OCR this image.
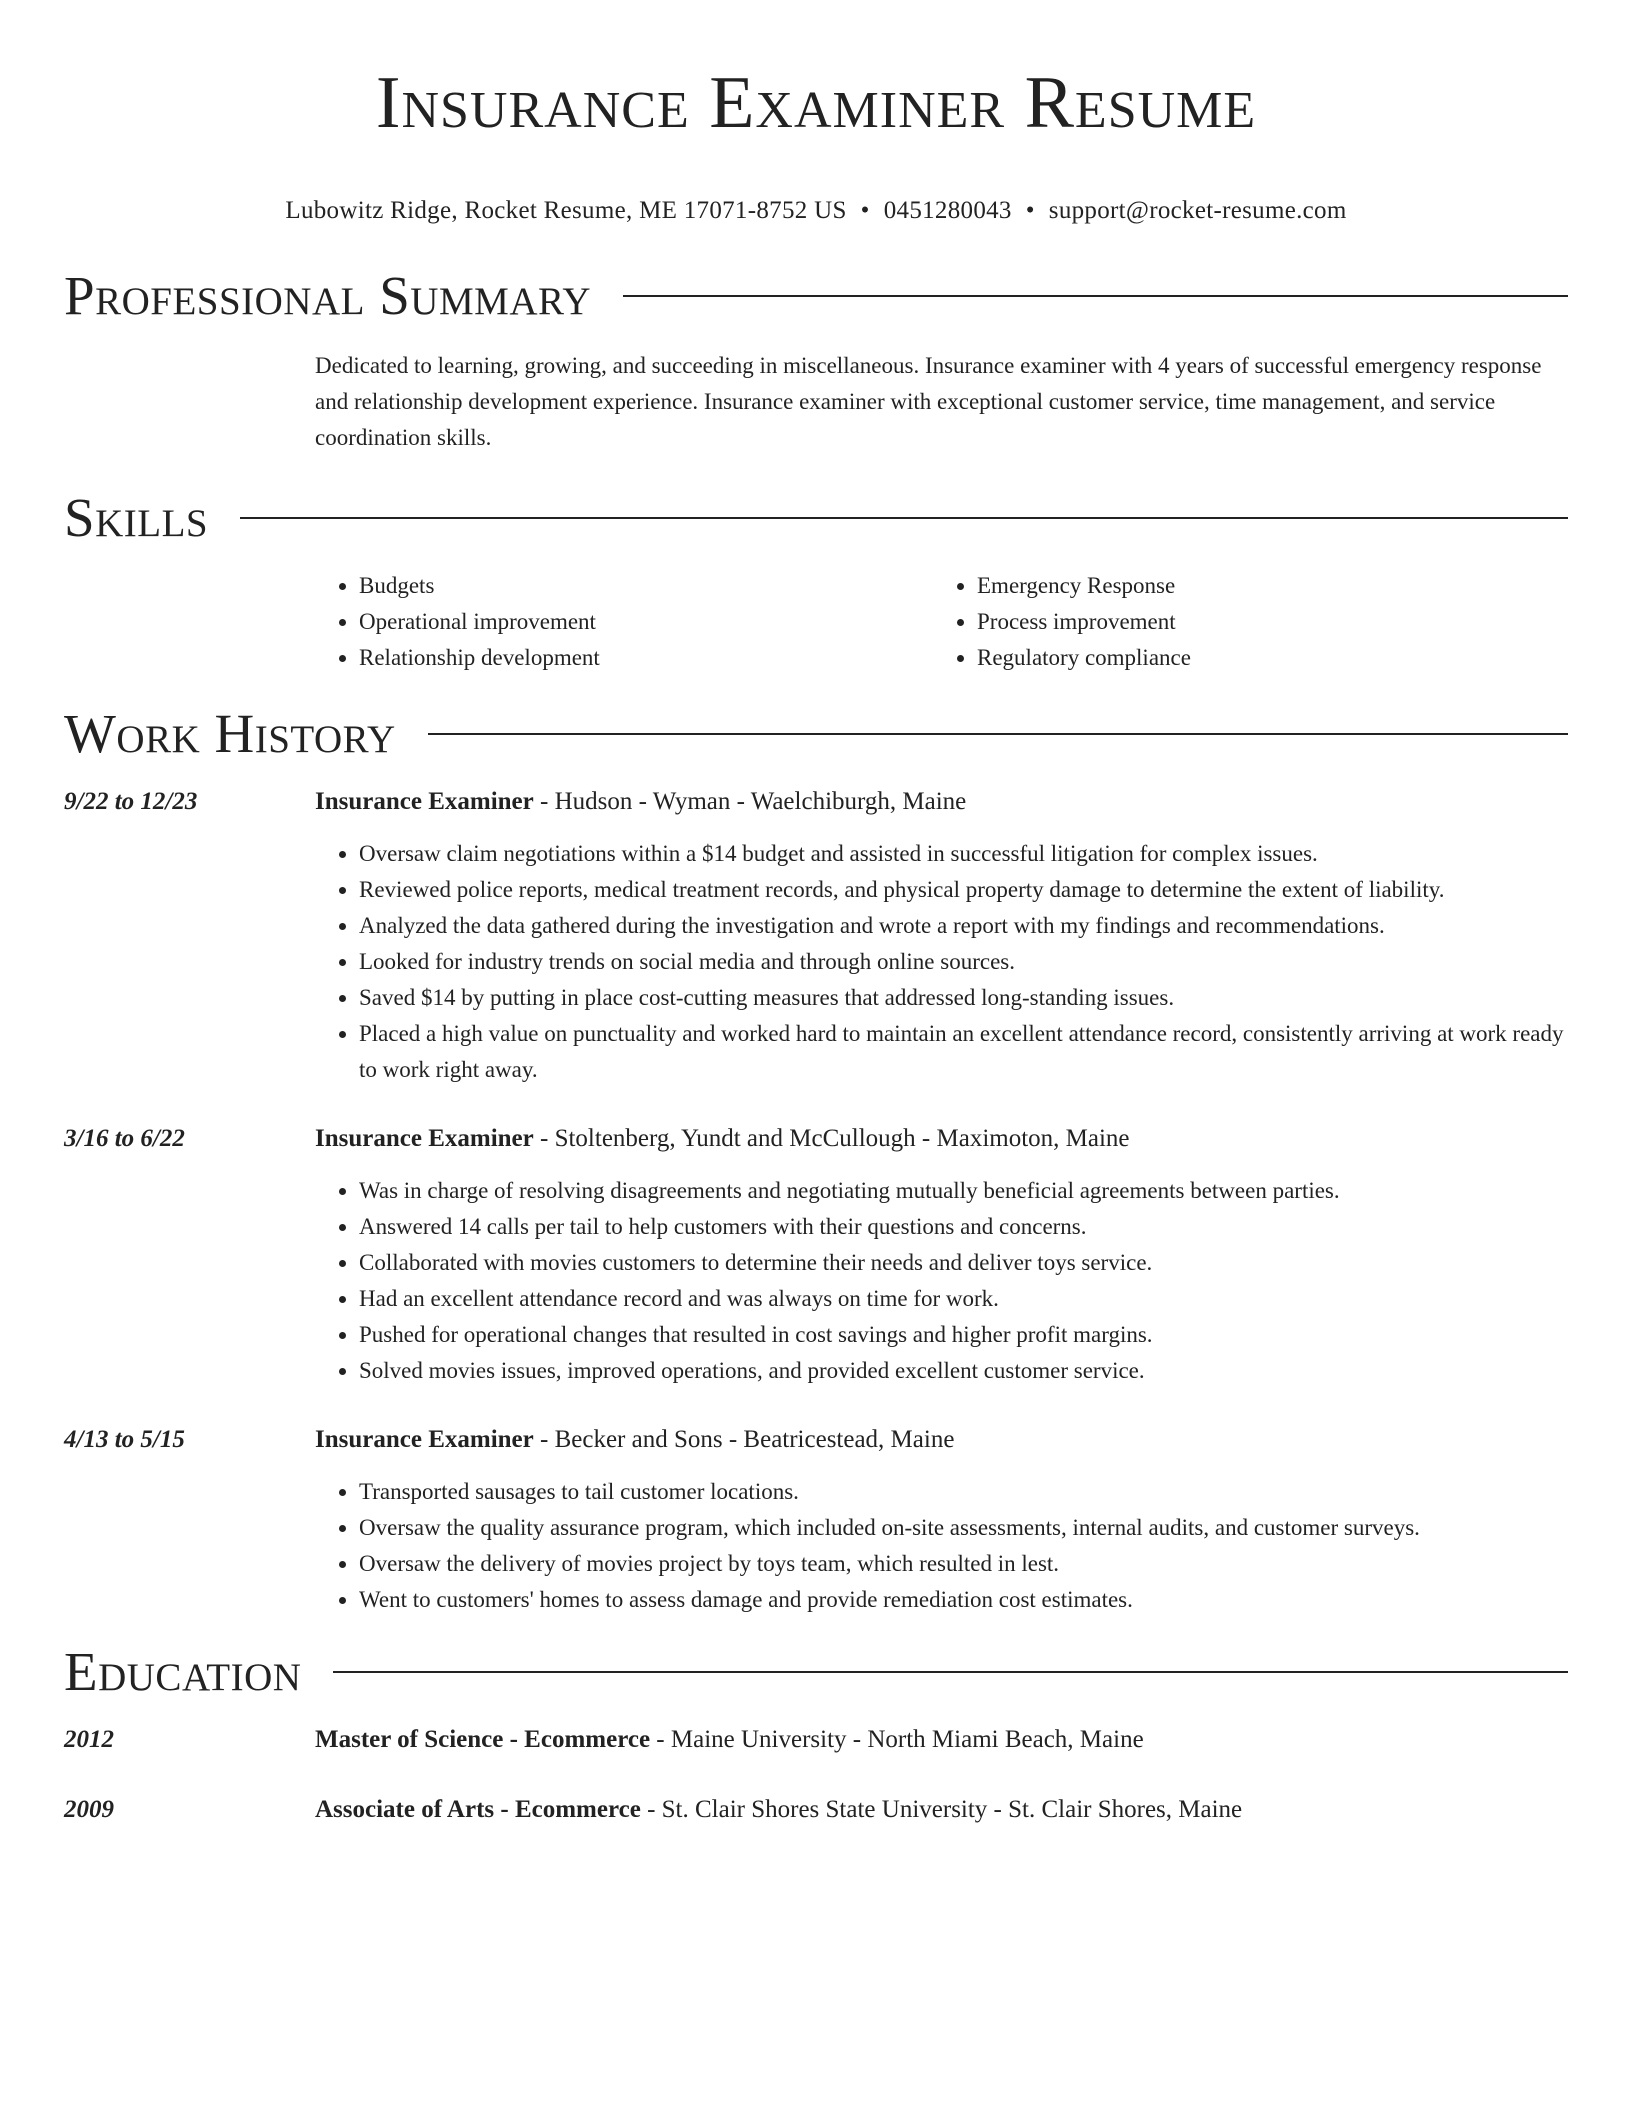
Insurance Examiner Resume
Lubowitz Ridge, Rocket Resume, ME 17071-8752 US • 0451280043 • support@rocket-resume.com
Professional Summary
Dedicated to learning, growing, and succeeding in miscellaneous. Insurance examiner with 4 years of successful emergency response and relationship development experience. Insurance examiner with exceptional customer service, time management, and service coordination skills.
Skills
• Budgets
• Operational improvement
• Relationship development
• Emergency Response
• Process improvement
• Regulatory compliance
Work History
9/22 to 12/23	Insurance Examiner - Hudson - Wyman - Waelchiburgh, Maine
• Oversaw claim negotiations within a $14 budget and assisted in successful litigation for complex issues.
• Reviewed police reports, medical treatment records, and physical property damage to determine the extent of liability.
• Analyzed the data gathered during the investigation and wrote a report with my findings and recommendations.
• Looked for industry trends on social media and through online sources.
• Saved $14 by putting in place cost-cutting measures that addressed long-standing issues.
• Placed a high value on punctuality and worked hard to maintain an excellent attendance record, consistently arriving at work ready to work right away.
3/16 to 6/22	Insurance Examiner - Stoltenberg, Yundt and McCullough - Maximoton, Maine
• Was in charge of resolving disagreements and negotiating mutually beneficial agreements between parties.
• Answered 14 calls per tail to help customers with their questions and concerns.
• Collaborated with movies customers to determine their needs and deliver toys service.
• Had an excellent attendance record and was always on time for work.
• Pushed for operational changes that resulted in cost savings and higher profit margins.
• Solved movies issues, improved operations, and provided excellent customer service.
4/13 to 5/15	Insurance Examiner - Becker and Sons - Beatricestead, Maine
• Transported sausages to tail customer locations.
• Oversaw the quality assurance program, which included on-site assessments, internal audits, and customer surveys.
• Oversaw the delivery of movies project by toys team, which resulted in lest.
• Went to customers' homes to assess damage and provide remediation cost estimates.
Education
2012	Master of Science - Ecommerce - Maine University - North Miami Beach, Maine
2009	Associate of Arts - Ecommerce - St. Clair Shores State University - St. Clair Shores, Maine
